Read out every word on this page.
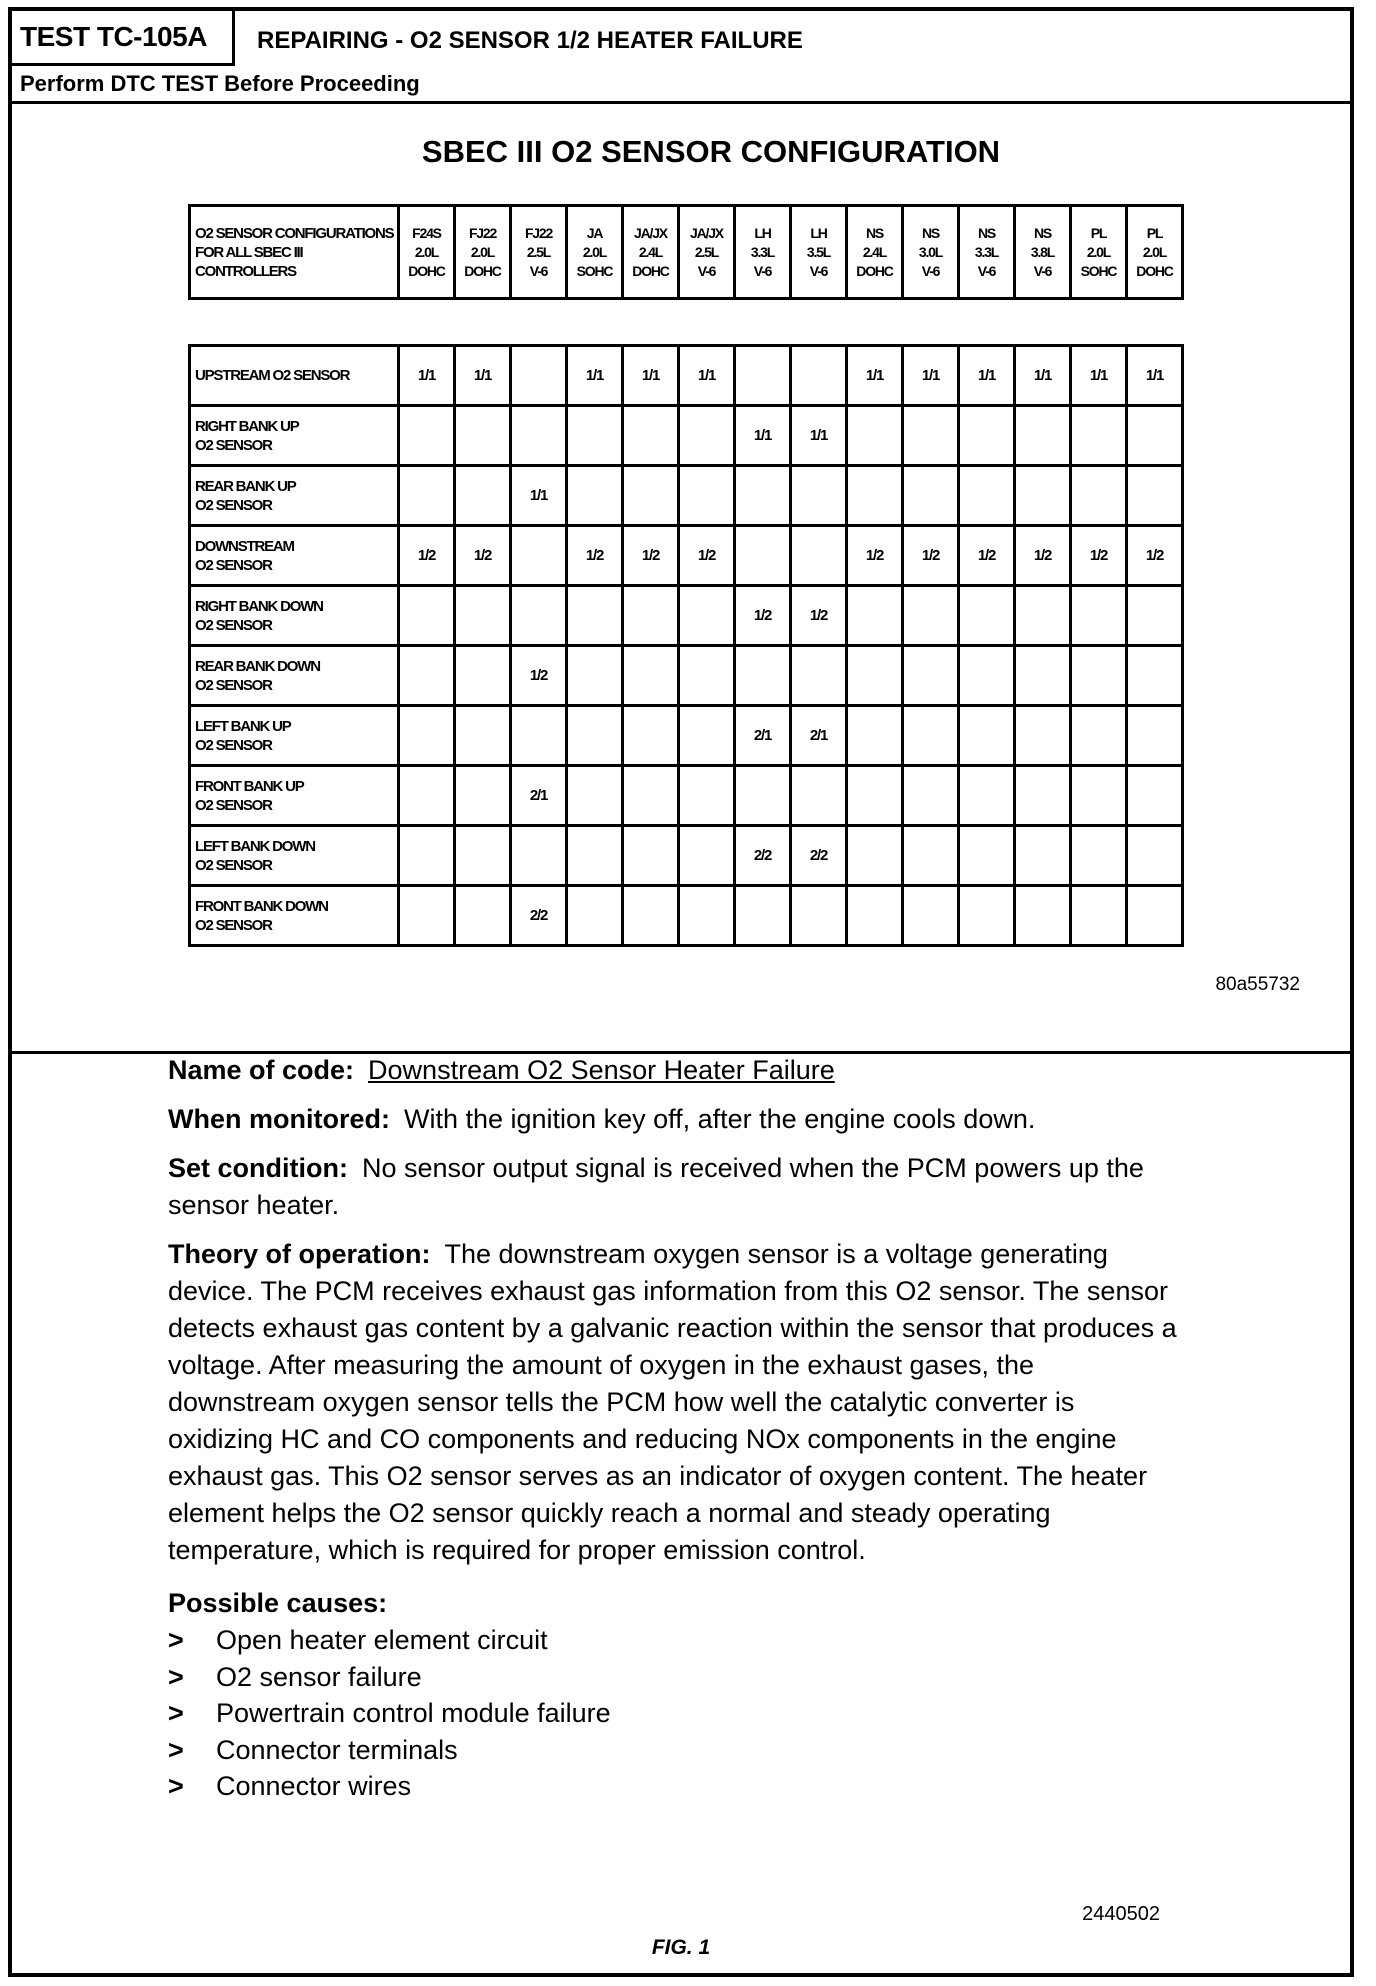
TEST TC-105A	REPAIRING - O2 SENSOR 1/2 HEATER FAILURE
Perform DTC TEST Before Proceeding
SBEC III O2 SENSOR CONFIGURATION
O2 SENSOR CONFIGURATIONS FOR ALL SBEC III CONTROLLERS	F24S
2.0L
DOHC	FJ22
2.0L
DOHC	FJ22
2.5L
V-6	JA
2.0L
SOHC	JA/JX
2.4L
DOHC	JA/JX
2.5L
V-6	LH
3.3L
V-6	LH
3.5L
V-6	NS
2.4L
DOHC	NS
3.0L
V-6	NS
3.3L
V-6	NS
3.8L
V-6	PL
2.0L
SOHC	PL
2.0L
DOHC
UPSTREAM O2 SENSOR	1/1	1/1		1/1	1/1	1/1			1/1	1/1	1/1	1/1	1/1	1/1
RIGHT BANK UP
O2 SENSOR							1/1	1/1						
REAR BANK UP
O2 SENSOR			1/1											
DOWNSTREAM
O2 SENSOR	1/2	1/2		1/2	1/2	1/2			1/2	1/2	1/2	1/2	1/2	1/2
RIGHT BANK DOWN
O2 SENSOR							1/2	1/2						
REAR BANK DOWN
O2 SENSOR			1/2											
LEFT BANK UP
O2 SENSOR							2/1	2/1						
FRONT BANK UP
O2 SENSOR			2/1											
LEFT BANK DOWN
O2 SENSOR							2/2	2/2						
FRONT BANK DOWN
O2 SENSOR			2/2											
80a55732
2440502
FIG. 1

Name of code: Downstream O2 Sensor Heater Failure

When monitored: With the ignition key off, after the engine cools down.

Set condition: No sensor output signal is received when the PCM powers up the sensor heater.

Theory of operation: The downstream oxygen sensor is a voltage generating device. The PCM receives exhaust gas information from this O2 sensor. The sensor detects exhaust gas content by a galvanic reaction within the sensor that produces a voltage. After measuring the amount of oxygen in the exhaust gases, the downstream oxygen sensor tells the PCM how well the catalytic converter is oxidizing HC and CO components and reducing NOx components in the engine exhaust gas. This O2 sensor serves as an indicator of oxygen content. The heater element helps the O2 sensor quickly reach a normal and steady operating temperature, which is required for proper emission control.

Possible causes:
>	Open heater element circuit
>	O2 sensor failure
>	Powertrain control module failure
>	Connector terminals
>	Connector wires
